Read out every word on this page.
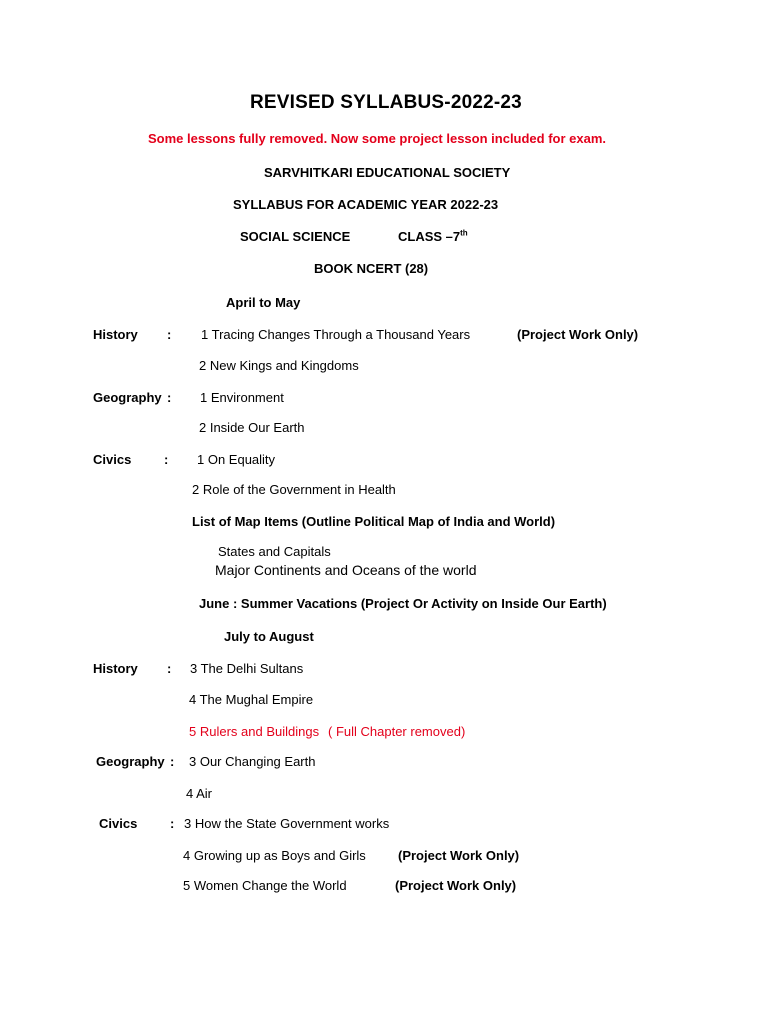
REVISED SYLLABUS-2022-23
Some lessons fully removed. Now some project lesson included for exam.
SARVHITKARI EDUCATIONAL SOCIETY
SYLLABUS FOR ACADEMIC YEAR 2022-23
SOCIAL SCIENCE	CLASS –7th
BOOK NCERT (28)
April to May
History : 1 Tracing Changes Through a Thousand Years	(Project Work Only)
2 New Kings and Kingdoms
Geography : 1 Environment
2 Inside Our Earth
Civics	: 1 On Equality
2 Role of the Government in Health
List of Map Items (Outline Political Map of India and World)
States and Capitals
Major Continents and Oceans of the world
June : Summer Vacations (Project Or Activity on Inside Our Earth)
July to August
History : 3 The Delhi Sultans
4 The Mughal Empire
5 Rulers and Buildings ( Full Chapter removed)
Geography : 3 Our Changing Earth
4 Air
Civics	: 3 How the State Government works
4 Growing up as Boys and Girls (Project Work Only)
5 Women Change the World	(Project Work Only)
